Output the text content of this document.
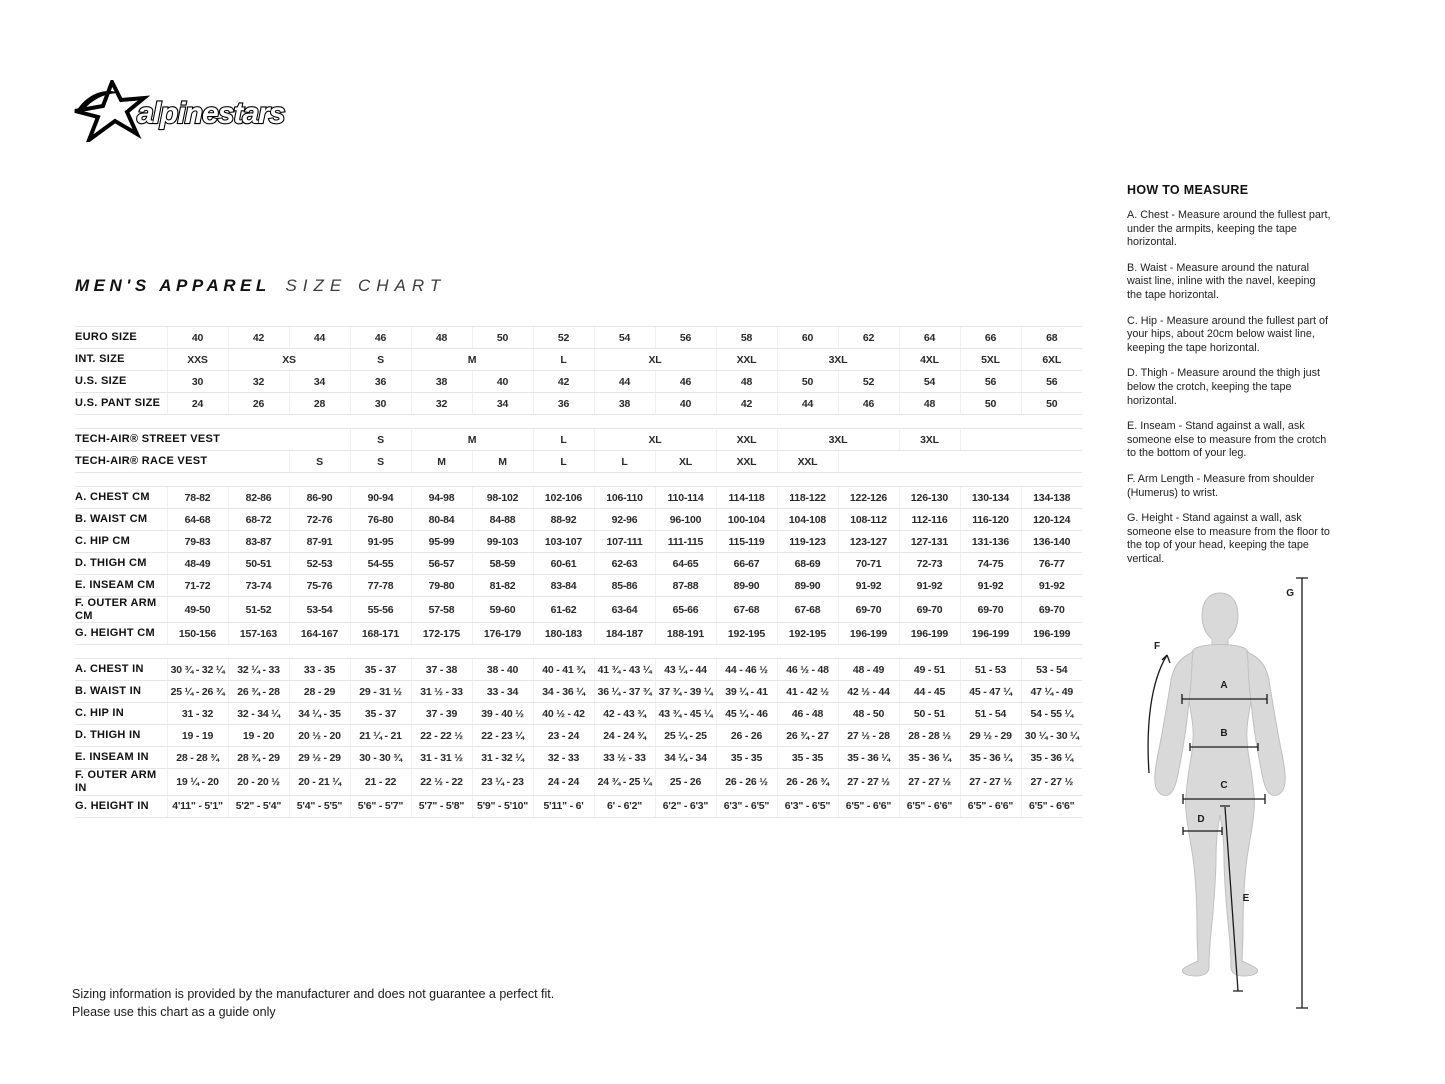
alpinestars
MEN'S APPAREL SIZE CHART
EURO SIZE	40	42	44	46	48	50	52	54	56	58	60	62	64	66	68
INT. SIZE	XXS	XS		S	M		L	XL		XXL	3XL		4XL	5XL	6XL
U.S. SIZE	30	32	34	36	38	40	42	44	46	48	50	52	54	56	56
U.S. PANT SIZE	24	26	28	30	32	34	36	38	40	42	44	46	48	50	50

TECH-AIR® STREET VEST				S	M		L	XL		XXL	3XL		3XL		
TECH-AIR® RACE VEST			S	S	M	M	L	L	XL	XXL	XXL				

A. CHEST CM	78-82	82-86	86-90	90-94	94-98	98-102	102-106	106-110	110-114	114-118	118-122	122-126	126-130	130-134	134-138
B. WAIST CM	64-68	68-72	72-76	76-80	80-84	84-88	88-92	92-96	96-100	100-104	104-108	108-112	112-116	116-120	120-124
C. HIP CM	79-83	83-87	87-91	91-95	95-99	99-103	103-107	107-111	111-115	115-119	119-123	123-127	127-131	131-136	136-140
D. THIGH CM	48-49	50-51	52-53	54-55	56-57	58-59	60-61	62-63	64-65	66-67	68-69	70-71	72-73	74-75	76-77
E. INSEAM CM	71-72	73-74	75-76	77-78	79-80	81-82	83-84	85-86	87-88	89-90	89-90	91-92	91-92	91-92	91-92
F. OUTER ARM CM	49-50	51-52	53-54	55-56	57-58	59-60	61-62	63-64	65-66	67-68	67-68	69-70	69-70	69-70	69-70
G. HEIGHT CM	150-156	157-163	164-167	168-171	172-175	176-179	180-183	184-187	188-191	192-195	192-195	196-199	196-199	196-199	196-199

A. CHEST IN	30 ¾ - 32 ¼	32 ¼ - 33	33 - 35	35 - 37	37 - 38	38 - 40	40 - 41 ¾	41 ¾ - 43 ¼	43 ¼ - 44	44 - 46 ½	46 ½ - 48	48 - 49	49 - 51	51 - 53	53 - 54
B. WAIST IN	25 ¼ - 26 ¾	26 ¾ - 28	28 - 29	29 - 31 ½	31 ½ - 33	33 - 34	34 - 36 ¼	36 ¼ - 37 ¾	37 ¾ - 39 ¼	39 ¼ - 41	41 - 42 ½	42 ½ - 44	44 - 45	45 - 47 ¼	47 ¼ - 49
C. HIP IN	31 - 32	32 - 34 ¼	34 ¼ - 35	35 - 37	37 - 39	39 - 40 ½	40 ½ - 42	42 - 43 ¾	43 ¾ - 45 ¼	45 ¼ - 46	46 - 48	48 - 50	50 - 51	51 - 54	54 - 55 ¼
D. THIGH IN	19 - 19	19 - 20	20 ½ - 20	21 ¼ - 21	22 - 22 ½	22 - 23 ¼	23 - 24	24 - 24 ¾	25 ¼ - 25	26 - 26	26 ¾ - 27	27 ½ - 28	28 - 28 ½	29 ½ - 29	30 ¼ - 30 ¼
E. INSEAM IN	28 - 28 ¾	28 ¾ - 29	29 ½ - 29	30 - 30 ¾	31 - 31 ½	31 - 32 ¼	32 - 33	33 ½ - 33	34 ¼ - 34	35 - 35	35 - 35	35 - 36 ¼	35 - 36 ¼	35 - 36 ¼	35 - 36 ¼
F. OUTER ARM IN	19 ¼ - 20	20 - 20 ½	20 - 21 ¼	21 - 22	22 ½ - 22	23 ¼ - 23	24 - 24	24 ¾ - 25 ¼	25 - 26	26 - 26 ½	26 - 26 ¾	27 - 27 ½	27 - 27 ½	27 - 27 ½	27 - 27 ½
G. HEIGHT IN	4'11" - 5'1"	5'2" - 5'4"	5'4" - 5'5"	5'6" - 5'7"	5'7" - 5'8"	5'9" - 5'10"	5'11" - 6'	6' - 6'2"	6'2" - 6'3"	6'3" - 6'5"	6'3" - 6'5"	6'5" - 6'6"	6'5" - 6'6"	6'5" - 6'6"	6'5" - 6'6"
HOW TO MEASURE

A. Chest - Measure around the fullest part, under the armpits, keeping the tape horizontal.

B. Waist - Measure around the natural waist line, inline with the navel, keeping the tape horizontal.

C. Hip - Measure around the fullest part of your hips, about 20cm below waist line, keeping the tape horizontal.

D. Thigh - Measure around the thigh just below the crotch, keeping the tape horizontal.

E. Inseam - Stand against a wall, ask someone else to measure from the crotch to the bottom of your leg.

F. Arm Length - Measure from shoulder (Humerus) to wrist.

G. Height - Stand against a wall, ask someone else to measure from the floor to the top of your head, keeping the tape vertical.

A
B
C
D
E
F
G
Sizing information is provided by the manufacturer and does not guarantee a perfect fit.
Please use this chart as a guide only
